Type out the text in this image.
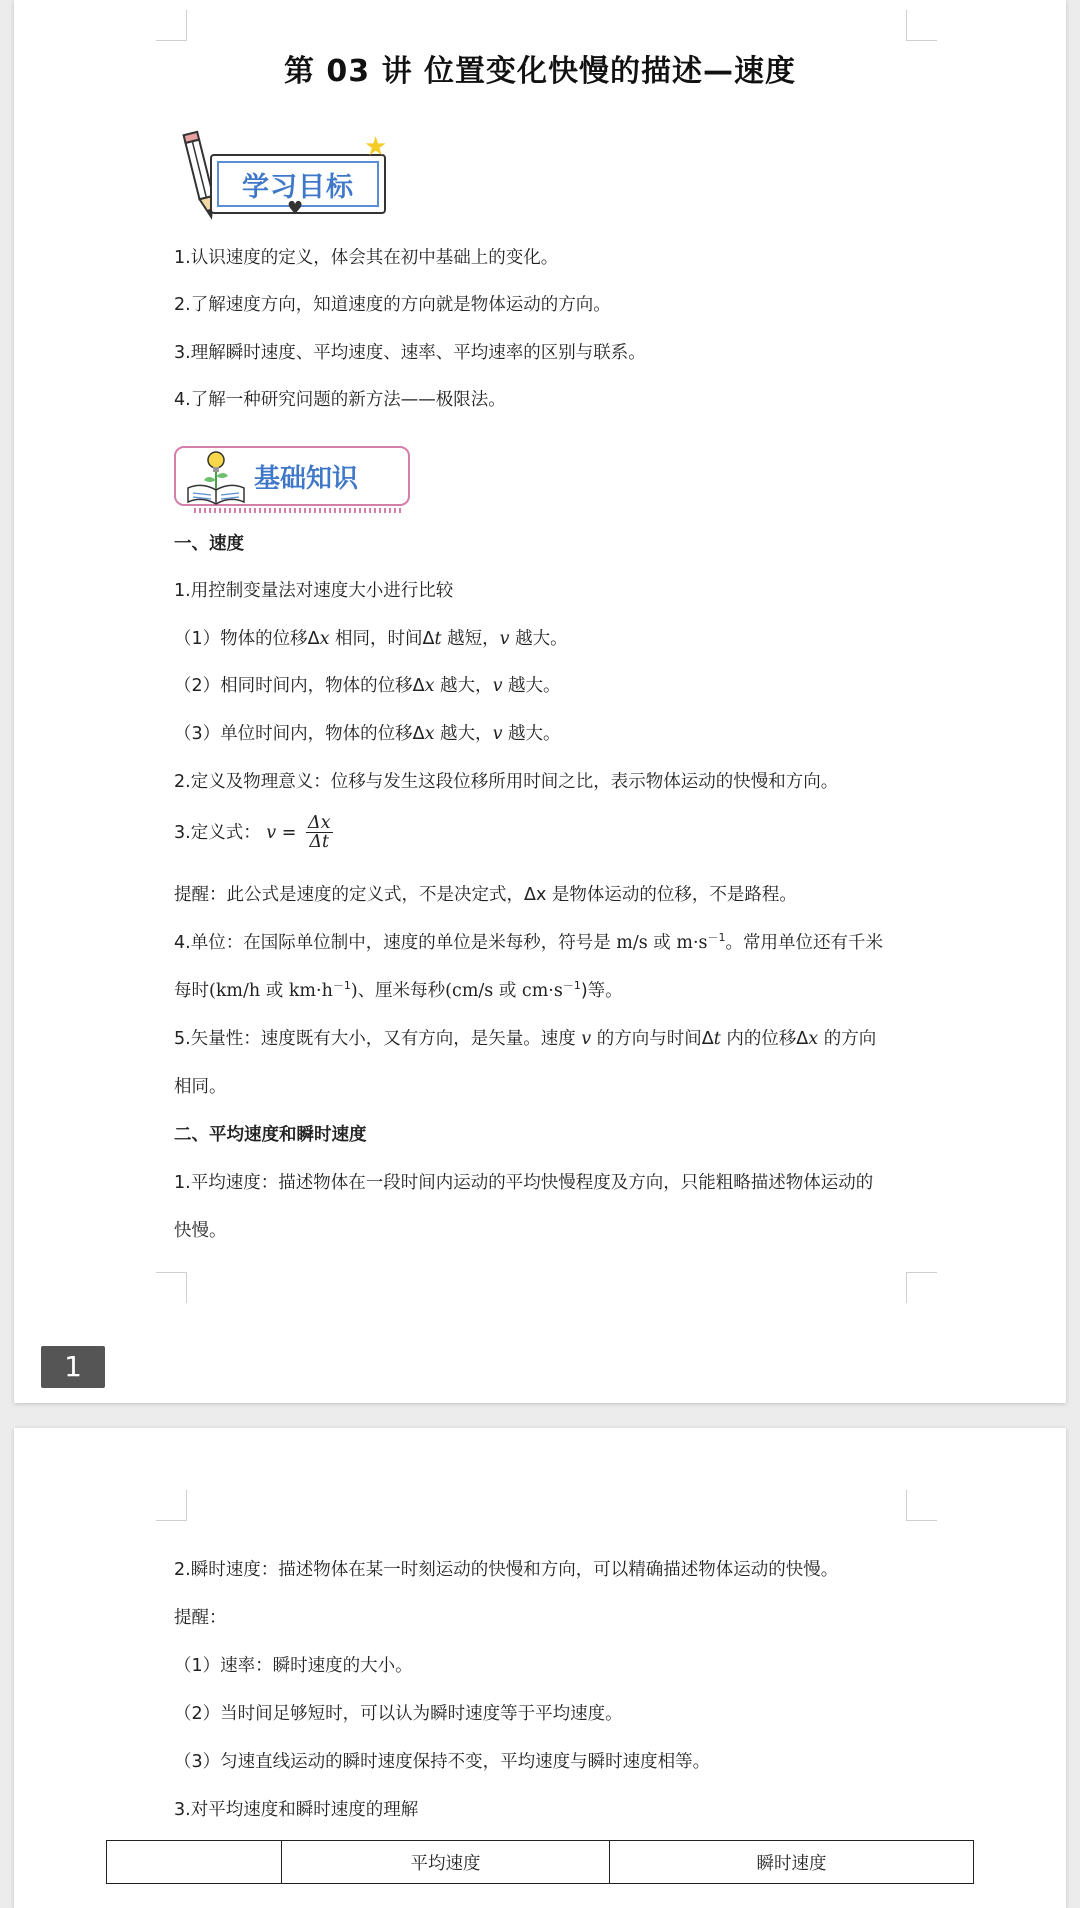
第 03 讲 位置变化快慢的描述—速度
学习目标
★
♥
1.认识速度的定义，体会其在初中基础上的变化。
2.了解速度方向，知道速度的方向就是物体运动的方向。
3.理解瞬时速度、平均速度、速率、平均速率的区别与联系。
4.了解一种研究问题的新方法——极限法。
基础知识
一、速度
1.用控制变量法对速度大小进行比较
（1）物体的位移Δx 相同，时间Δt 越短，v 越大。
（2）相同时间内，物体的位移Δx 越大，v 越大。
（3）单位时间内，物体的位移Δx 越大，v 越大。
2.定义及物理意义：位移与发生这段位移所用时间之比，表示物体运动的快慢和方向。
3.定义式： $v = \frac{\Delta x}{\Delta t}$
提醒：此公式是速度的定义式，不是决定式，Δx 是物体运动的位移，不是路程。
4.单位：在国际单位制中，速度的单位是米每秒，符号是 m/s 或 $m\cdot s^{-1}$。常用单位还有千米
每时(km/h 或 $km\cdot h^{-1}$)、厘米每秒(cm/s 或 $cm\cdot s^{-1}$)等。
5.矢量性：速度既有大小，又有方向，是矢量。速度 v 的方向与时间Δt 内的位移Δx 的方向
相同。
二、平均速度和瞬时速度
1.平均速度：描述物体在一段时间内运动的平均快慢程度及方向，只能粗略描述物体运动的
快慢。
1
2.瞬时速度：描述物体在某一时刻运动的快慢和方向，可以精确描述物体运动的快慢。
提醒：
（1）速率：瞬时速度的大小。
（2）当时间足够短时，可以认为瞬时速度等于平均速度。
（3）匀速直线运动的瞬时速度保持不变，平均速度与瞬时速度相等。
3.对平均速度和瞬时速度的理解
	平均速度	瞬时速度
